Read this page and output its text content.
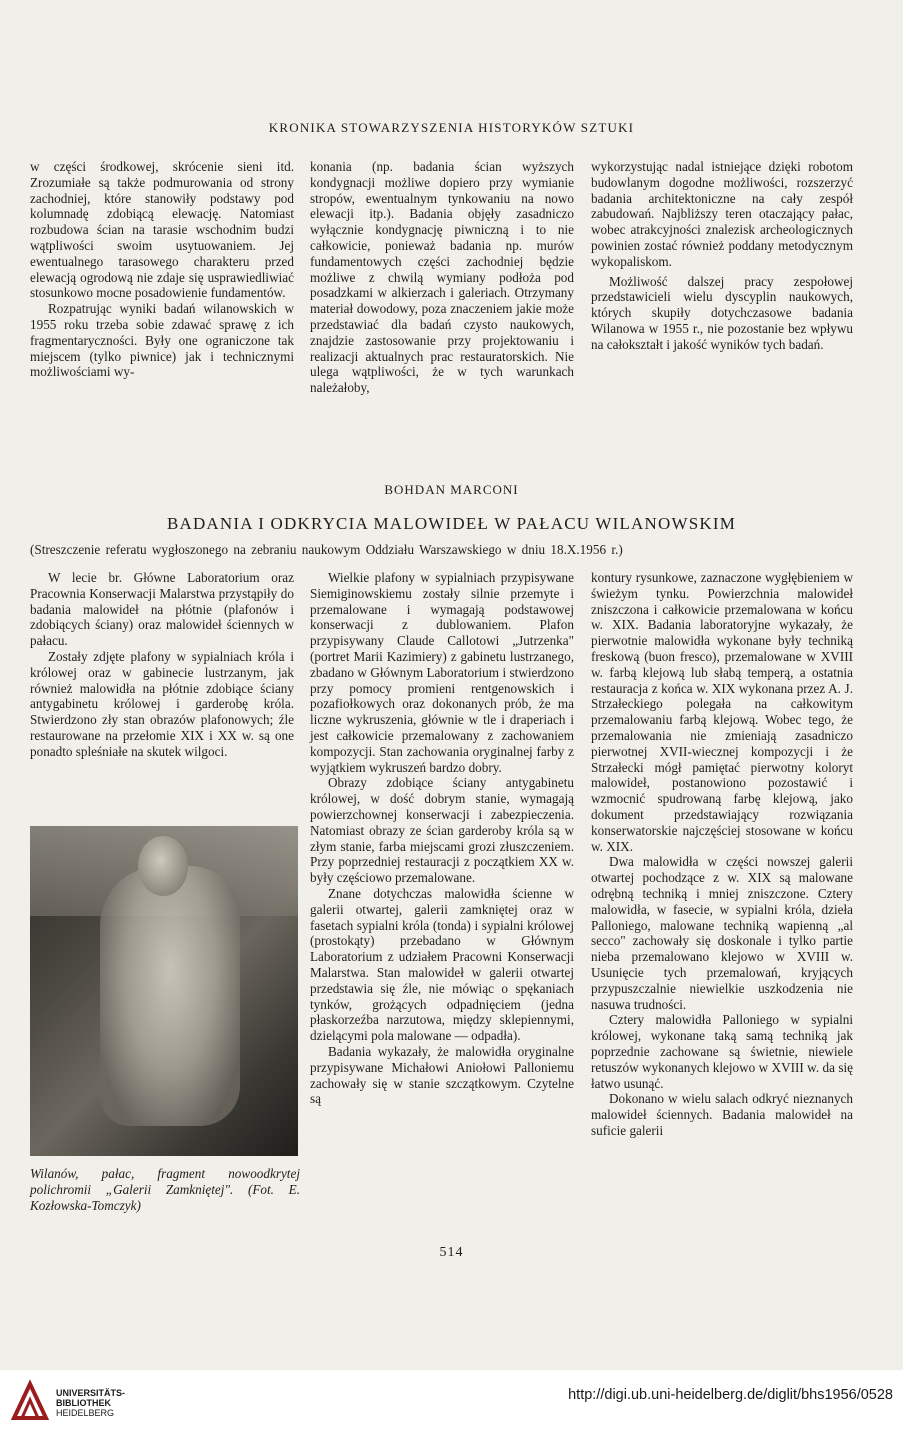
KRONIKA STOWARZYSZENIA HISTORYKÓW SZTUKI

w części środkowej, skrócenie sieni itd. Zrozumiałe są także podmurowania od strony zachodniej, które stanowiły podstawy pod kolumnadę zdobiącą elewację. Natomiast rozbudowa ścian na tarasie wschodnim budzi wątpliwości swoim usytuowaniem. Jej ewentualnego tarasowego charakteru przed elewacją ogrodową nie zdaje się usprawiedliwiać stosunkowo mocne posadowienie fundamentów.

Rozpatrując wyniki badań wilanowskich w 1955 roku trzeba sobie zdawać sprawę z ich fragmentaryczności. Były one ograniczone tak miejscem (tylko piwnice) jak i technicznymi możliwościami wy-

konania (np. badania ścian wyższych kondygnacji możliwe dopiero przy wymianie stropów, ewentualnym tynkowaniu na nowo elewacji itp.). Badania objęły zasadniczo wyłącznie kondygnację piwniczną i to nie całkowicie, ponieważ badania np. murów fundamentowych części zachodniej będzie możliwe z chwilą wymiany podłoża pod posadzkami w alkierzach i galeriach. Otrzymany materiał dowodowy, poza znaczeniem jakie może przedstawiać dla badań czysto naukowych, znajdzie zastosowanie przy projektowaniu i realizacji aktualnych prac restauratorskich. Nie ulega wątpliwości, że w tych warunkach należałoby,

wykorzystując nadal istniejące dzięki robotom budowlanym dogodne możliwości, rozszerzyć badania architektoniczne na cały zespół zabudowań. Najbliższy teren otaczający pałac, wobec atrakcyjności znalezisk archeologicznych powinien zostać również poddany metodycznym wykopaliskom.

Możliwość dalszej pracy zespołowej przedstawicieli wielu dyscyplin naukowych, których skupiły dotychczasowe badania Wilanowa w 1955 r., nie pozostanie bez wpływu na całokształt i jakość wyników tych badań.

BOHDAN MARCONI
BADANIA I ODKRYCIA MALOWIDEŁ W PAŁACU WILANOWSKIM
(Streszczenie referatu wygłoszonego na zebraniu naukowym Oddziału Warszawskiego w dniu 18.X.1956 r.)

W lecie br. Główne Laboratorium oraz Pracownia Konserwacji Malarstwa przystąpiły do badania malowideł na płótnie (plafonów i zdobiących ściany) oraz malowideł ściennych w pałacu.

Zostały zdjęte plafony w sypialniach króla i królowej oraz w gabinecie lustrzanym, jak również malowidła na płótnie zdobiące ściany antygabinetu królowej i garderobę króla. Stwierdzono zły stan obrazów plafonowych; źle restaurowane na przełomie XIX i XX w. są one ponadto spleśniałe na skutek wilgoci.

Wilanów, pałac, fragment nowoodkrytej polichromii „Galerii Zamkniętej". (Fot. E. Kozłowska-Tomczyk)

Wielkie plafony w sypialniach przypisywane Siemiginowskiemu zostały silnie przemyte i przemalowane i wymagają podstawowej konserwacji z dublowaniem. Plafon przypisywany Claude Callotowi „Jutrzenka" (portret Marii Kazimiery) z gabinetu lustrzanego, zbadano w Głównym Laboratorium i stwierdzono przy pomocy promieni rentgenowskich i pozafiołkowych oraz dokonanych prób, że ma liczne wykruszenia, głównie w tle i draperiach i jest całkowicie przemalowany z zachowaniem kompozycji. Stan zachowania oryginalnej farby z wyjątkiem wykruszeń bardzo dobry.

Obrazy zdobiące ściany antygabinetu królowej, w dość dobrym stanie, wymagają powierzchownej konserwacji i zabezpieczenia. Natomiast obrazy ze ścian garderoby króla są w złym stanie, farba miejscami grozi złuszczeniem. Przy poprzedniej restauracji z początkiem XX w. były częściowo przemalowane.

Znane dotychczas malowidła ścienne w galerii otwartej, galerii zamkniętej oraz w fasetach sypialni króla (tonda) i sypialni królowej (prostokąty) przebadano w Głównym Laboratorium z udziałem Pracowni Konserwacji Malarstwa. Stan malowideł w galerii otwartej przedstawia się źle, nie mówiąc o spękaniach tynków, grożących odpadnięciem (jedna płaskorzeźba narzutowa, między sklepiennymi, dzielącymi pola malowane — odpadła).

Badania wykazały, że malowidła oryginalne przypisywane Michałowi Aniołowi Palloniemu zachowały się w stanie szczątkowym. Czytelne są

kontury rysunkowe, zaznaczone wygłębieniem w świeżym tynku. Powierzchnia malowideł zniszczona i całkowicie przemalowana w końcu w. XIX. Badania laboratoryjne wykazały, że pierwotnie malowidła wykonane były techniką freskową (buon fresco), przemalowane w XVIII w. farbą klejową lub słabą temperą, a ostatnia restauracja z końca w. XIX wykonana przez A. J. Strzałeckiego polegała na całkowitym przemalowaniu farbą klejową. Wobec tego, że przemalowania nie zmieniają zasadniczo pierwotnej XVII-wiecznej kompozycji i że Strzałecki mógł pamiętać pierwotny koloryt malowideł, postanowiono pozostawić i wzmocnić spudrowaną farbę klejową, jako dokument przedstawiający rozwiązania konserwatorskie najczęściej stosowane w końcu w. XIX.

Dwa malowidła w części nowszej galerii otwartej pochodzące z w. XIX są malowane odrębną techniką i mniej zniszczone. Cztery malowidła, w fasecie, w sypialni króla, dzieła Palloniego, malowane techniką wapienną „al secco" zachowały się doskonale i tylko partie nieba przemalowano klejowo w XVIII w. Usunięcie tych przemalowań, kryjących przypuszczalnie niewielkie uszkodzenia nie nasuwa trudności.

Cztery malowidła Palloniego w sypialni królowej, wykonane taką samą techniką jak poprzednie zachowane są świetnie, niewiele retuszów wykonanych klejowo w XVIII w. da się łatwo usunąć.

Dokonano w wielu salach odkryć nieznanych malowideł ściennych. Badania malowideł na suficie galerii

514
UNIVERSITÄTS-
BIBLIOTHEK
HEIDELBERG
http://digi.ub.uni-heidelberg.de/diglit/bhs1956/0528
